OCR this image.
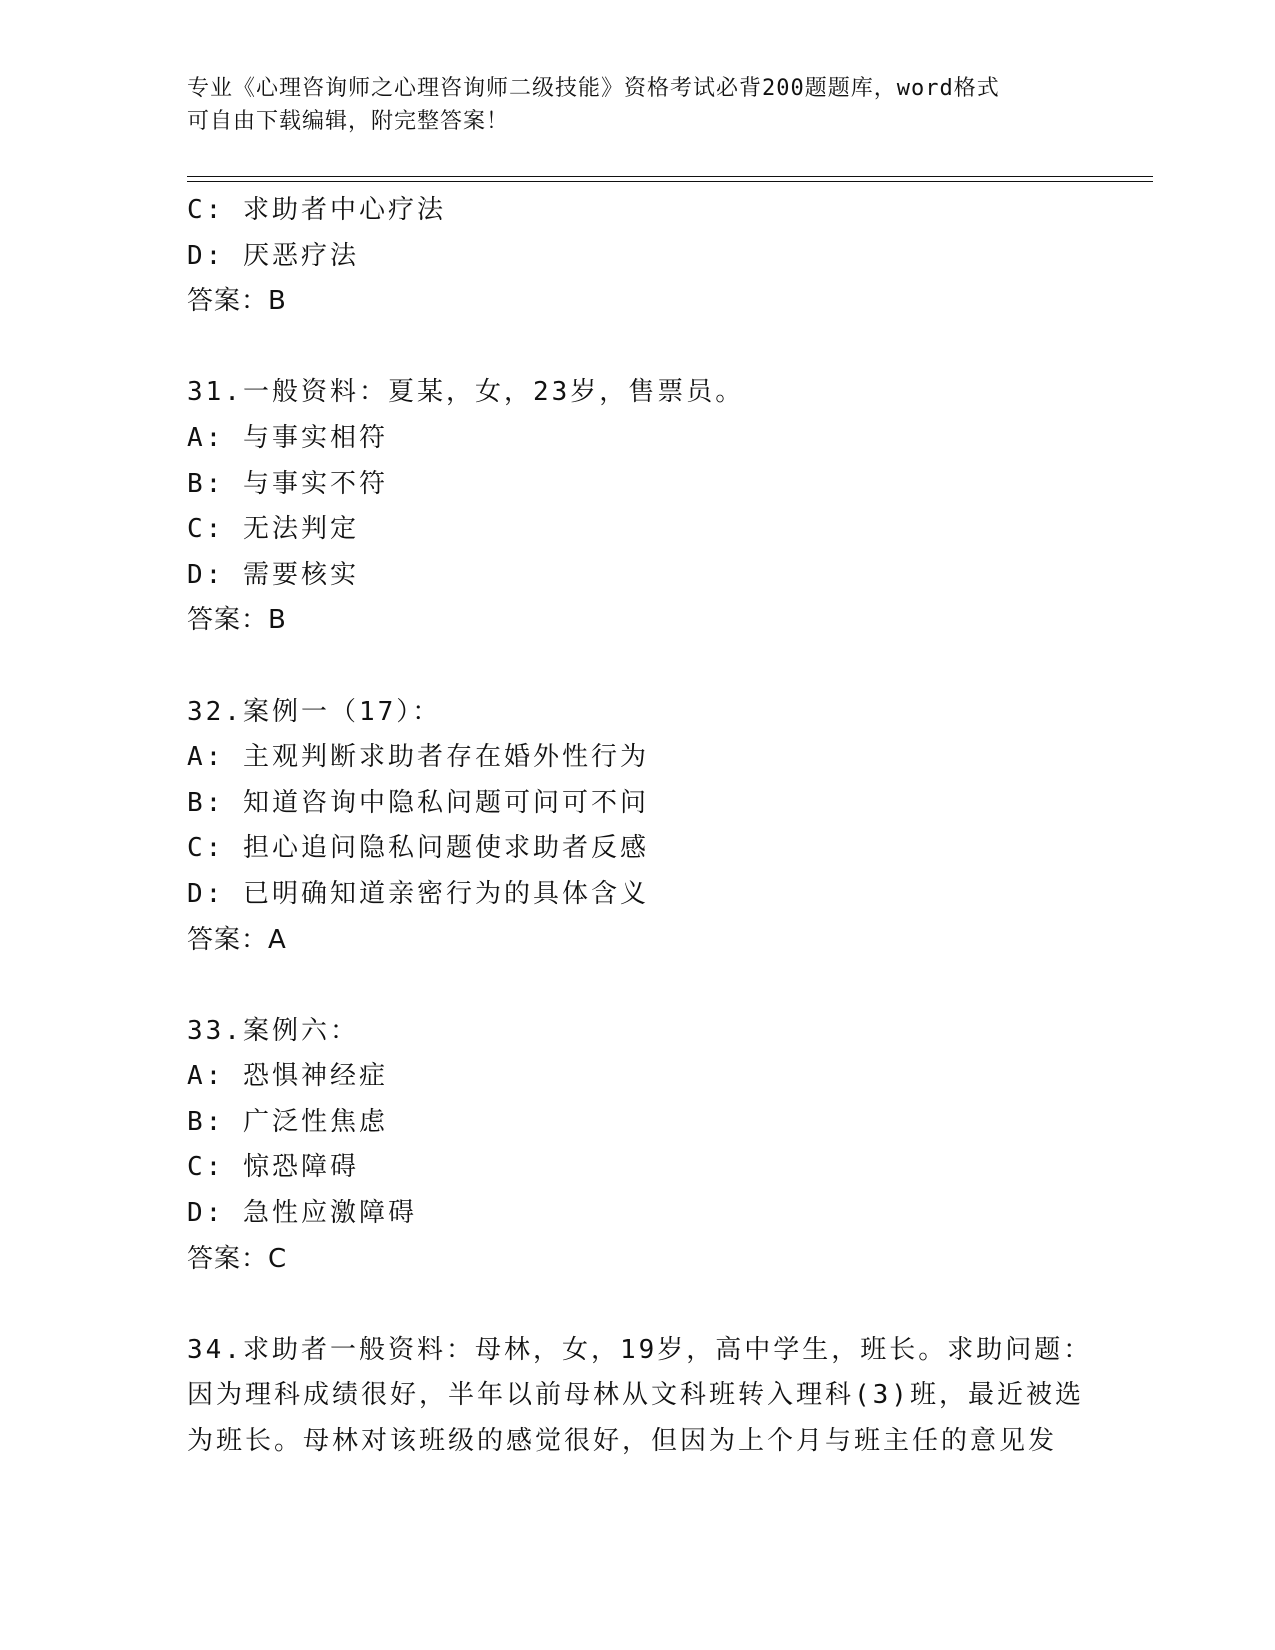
专业《心理咨询师之心理咨询师二级技能》资格考试必背200题题库，word格式
可自由下载编辑，附完整答案！
C: 求助者中心疗法
D: 厌恶疗法
答案：B
31.一般资料：夏某，女，23岁，售票员。
A: 与事实相符
B: 与事实不符
C: 无法判定
D: 需要核实
答案：B
32.案例一（17）：
A: 主观判断求助者存在婚外性行为
B: 知道咨询中隐私问题可问可不问
C: 担心追问隐私问题使求助者反感
D: 已明确知道亲密行为的具体含义
答案：A
33.案例六：
A: 恐惧神经症
B: 广泛性焦虑
C: 惊恐障碍
D: 急性应激障碍
答案：C
34.求助者一般资料：母林，女，19岁，高中学生，班长。求助问题：
因为理科成绩很好，半年以前母林从文科班转入理科(3)班，最近被选
为班长。母林对该班级的感觉很好，但因为上个月与班主任的意见发
